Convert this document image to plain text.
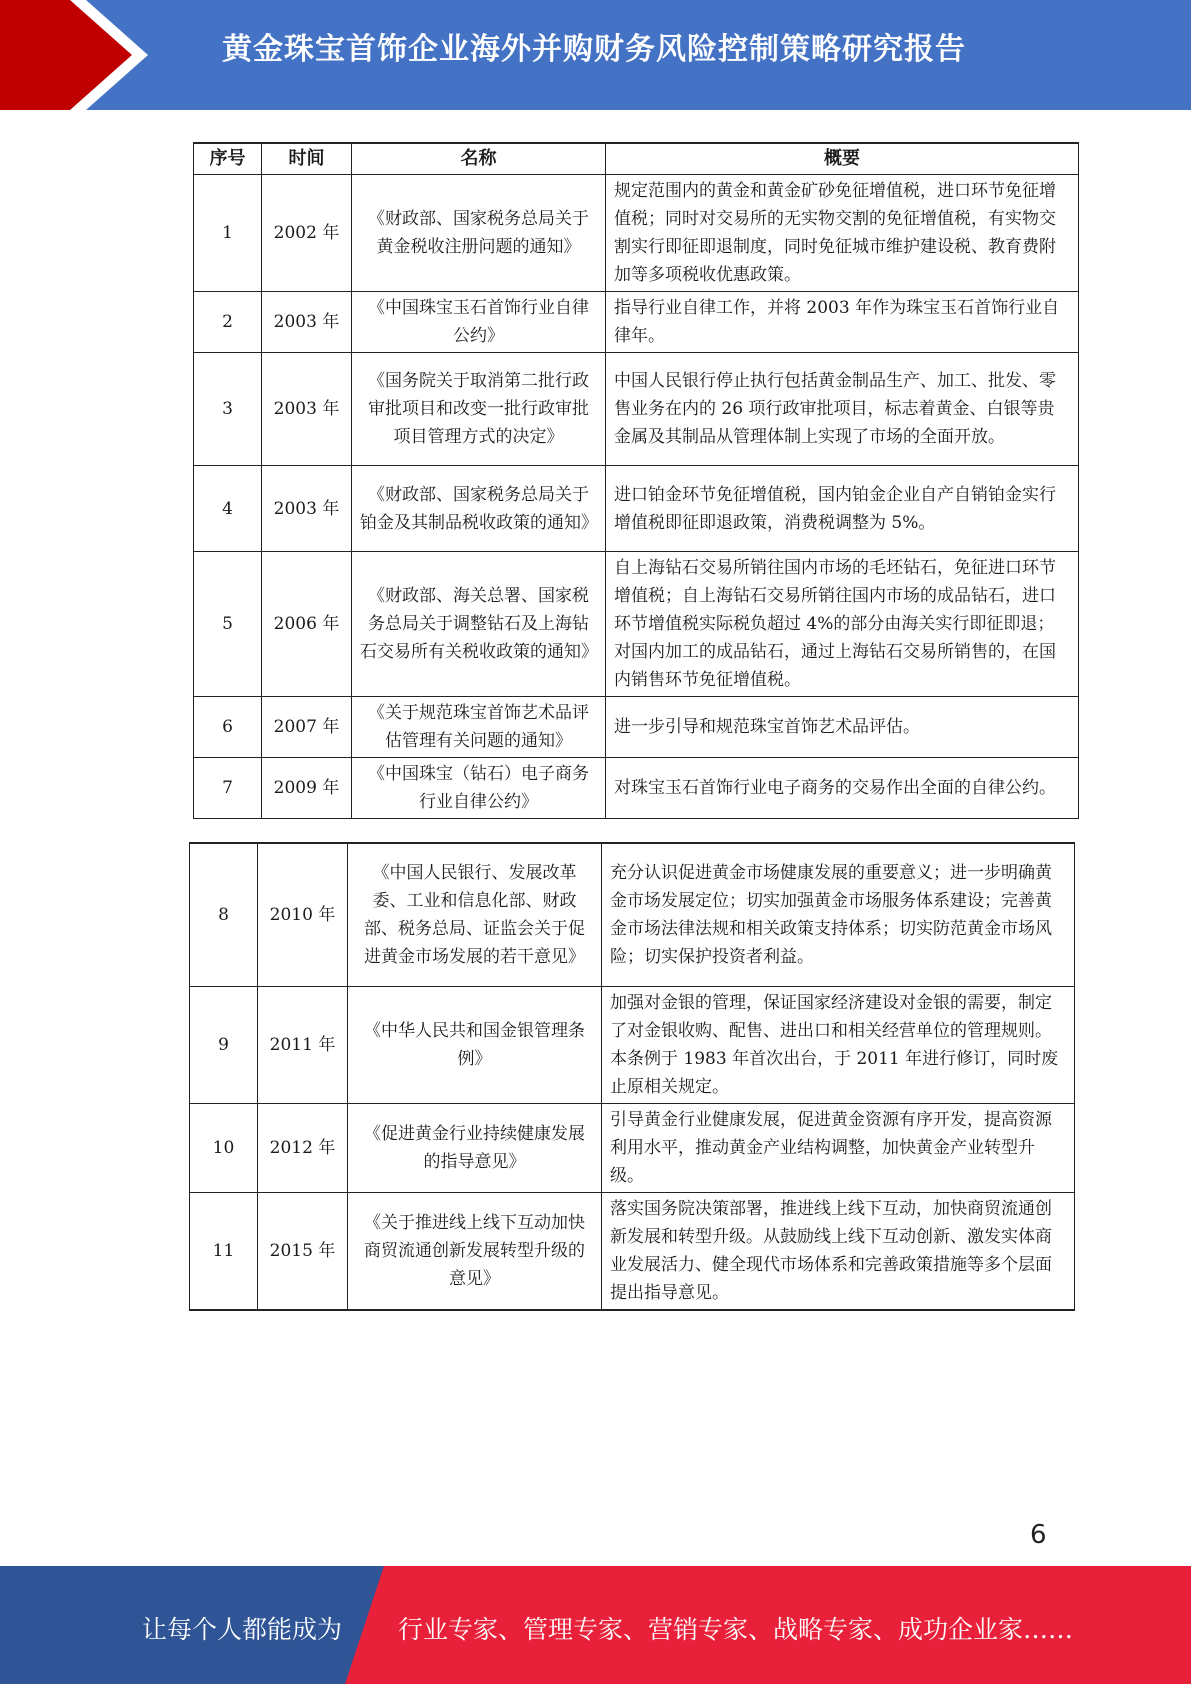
黄金珠宝首饰企业海外并购财务风险控制策略研究报告
序号	时间	名称	概要
1	2002 年	《财政部、国家税务总局关于黄金税收注册问题的通知》	规定范围内的黄金和黄金矿砂免征增值税，进口环节免征增值税；同时对交易所的无实物交割的免征增值税，有实物交割实行即征即退制度，同时免征城市维护建设税、教育费附加等多项税收优惠政策。
2	2003 年	《中国珠宝玉石首饰行业自律公约》	指导行业自律工作，并将 2003 年作为珠宝玉石首饰行业自律年。
3	2003 年	《国务院关于取消第二批行政审批项目和改变一批行政审批项目管理方式的决定》	中国人民银行停止执行包括黄金制品生产、加工、批发、零售业务在内的 26 项行政审批项目，标志着黄金、白银等贵金属及其制品从管理体制上实现了市场的全面开放。
4	2003 年	《财政部、国家税务总局关于铂金及其制品税收政策的通知》	进口铂金环节免征增值税，国内铂金企业自产自销铂金实行增值税即征即退政策，消费税调整为 5%。
5	2006 年	《财政部、海关总署、国家税务总局关于调整钻石及上海钻石交易所有关税收政策的通知》	自上海钻石交易所销往国内市场的毛坯钻石，免征进口环节增值税；自上海钻石交易所销往国内市场的成品钻石，进口环节增值税实际税负超过 4%的部分由海关实行即征即退；对国内加工的成品钻石，通过上海钻石交易所销售的，在国内销售环节免征增值税。
6	2007 年	《关于规范珠宝首饰艺术品评估管理有关问题的通知》	进一步引导和规范珠宝首饰艺术品评估。
7	2009 年	《中国珠宝（钻石）电子商务行业自律公约》	对珠宝玉石首饰行业电子商务的交易作出全面的自律公约。
8	2010 年	《中国人民银行、发展改革委、工业和信息化部、财政部、税务总局、证监会关于促进黄金市场发展的若干意见》	充分认识促进黄金市场健康发展的重要意义；进一步明确黄金市场发展定位；切实加强黄金市场服务体系建设；完善黄金市场法律法规和相关政策支持体系；切实防范黄金市场风险；切实保护投资者利益。
9	2011 年	《中华人民共和国金银管理条例》	加强对金银的管理，保证国家经济建设对金银的需要，制定了对金银收购、配售、进出口和相关经营单位的管理规则。本条例于 1983 年首次出台，于 2011 年进行修订，同时废止原相关规定。
10	2012 年	《促进黄金行业持续健康发展的指导意见》	引导黄金行业健康发展，促进黄金资源有序开发，提高资源利用水平，推动黄金产业结构调整，加快黄金产业转型升级。
11	2015 年	《关于推进线上线下互动加快商贸流通创新发展转型升级的意见》	落实国务院决策部署，推进线上线下互动，加快商贸流通创新发展和转型升级。从鼓励线上线下互动创新、激发实体商业发展活力、健全现代市场体系和完善政策措施等多个层面提出指导意见。
6
让每个人都能成为 行业专家、管理专家、营销专家、战略专家、成功企业家……
